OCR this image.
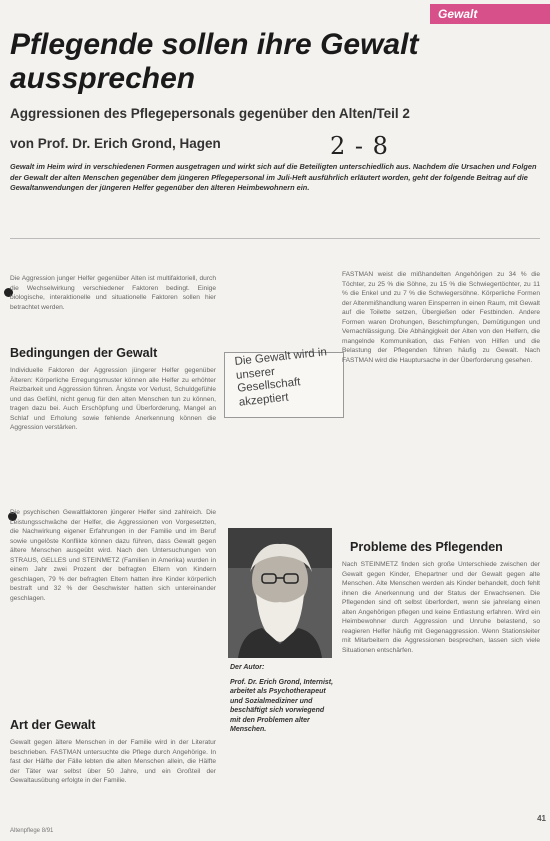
Gewalt
Pflegende sollen ihre Gewalt aussprechen
Aggressionen des Pflegepersonals gegenüber den Alten/Teil 2
von Prof. Dr. Erich Grond, Hagen	2 - 8
Gewalt im Heim wird in verschiedenen Formen ausgetragen und wirkt sich auf die Beteiligten unterschiedlich aus. Nachdem die Ursachen und Folgen der Gewalt der alten Menschen gegenüber dem jüngeren Pflegepersonal im Juli-Heft ausführlich erläutert worden, geht der folgende Beitrag auf die Gewaltanwendungen der jüngeren Helfer gegenüber den älteren Heimbewohnern ein.
Die Aggression junger Helfer gegenüber Alten ist multifaktoriell, durch die Wechselwirkung verschiedener Faktoren bedingt. Einige biologische, interaktionelle und situationelle Faktoren sollen hier betrachtet werden.
Bedingungen der Gewalt
Individuelle Faktoren der Aggression jüngerer Helfer gegenüber Älteren: Körperliche Erregungsmuster können alle Helfer zu erhöhter Reizbarkeit und Aggression führen. Ängste vor Verlust, Schuldgefühle und das Gefühl, nicht genug für den alten Menschen tun zu können, tragen dazu bei. Auch Erschöpfung und Überforderung, Mangel an Schlaf und Erholung sowie fehlende Anerkennung können die Aggression verstärken.
Die psychischen Gewaltfaktoren jüngerer Helfer sind zahlreich. Die Leistungsschwäche der Helfer, die Aggressionen von Vorgesetzten, die Nachwirkung eigener Erfahrungen in der Familie und im Beruf sowie ungelöste Konflikte können dazu führen, dass Gewalt gegen ältere Menschen ausgeübt wird. Nach den Untersuchungen von STRAUS, GELLES und STEINMETZ (Familien in Amerika) wurden in einem Jahr zwei Prozent der befragten Eltern von Kindern geschlagen, 79 % der befragten Eltern hatten ihre Kinder körperlich bestraft und 32 % der Geschwister hatten sich untereinander geschlagen.
Art der Gewalt
Gewalt gegen ältere Menschen in der Familie wird in der Literatur beschrieben. FASTMAN untersuchte die Pflege durch Angehörige. In fast der Hälfte der Fälle lebten die alten Menschen allein, die Hälfte der Täter war selbst über 50 Jahre, und ein Großteil der Gewaltausübung erfolgte in der Familie.
Die Gewalt wird in unserer Gesellschaft akzeptiert
Der Autor:
Prof. Dr. Erich Grond, Internist, arbeitet als Psychotherapeut und Sozialmediziner und beschäftigt sich vorwiegend mit den Problemen alter Menschen.
FASTMAN weist die mißhandelten Angehörigen zu 34 % die Töchter, zu 25 % die Söhne, zu 15 % die Schwiegertöchter, zu 11 % die Enkel und zu 7 % die Schwiegersöhne. Körperliche Formen der Altenmißhandlung waren Einsperren in einen Raum, mit Gewalt auf die Toilette setzen, Übergießen oder Festbinden. Andere Formen waren Drohungen, Beschimpfungen, Demütigungen und Vernachlässigung. Die Abhängigkeit der Alten von den Helfern, die mangelnde Kommunikation, das Fehlen von Hilfen und die Belastung der Pflegenden führen häufig zu Gewalt. Nach FASTMAN wird die Hauptursache in der Überforderung gesehen.
Probleme des Pflegenden
Nach STEINMETZ finden sich große Unterschiede zwischen der Gewalt gegen Kinder, Ehepartner und der Gewalt gegen alte Menschen. Alte Menschen werden als Kinder behandelt, doch fehlt ihnen die Anerkennung und der Status der Erwachsenen. Die Pflegenden sind oft selbst überfordert, wenn sie jahrelang einen alten Angehörigen pflegen und keine Entlastung erfahren. Wird ein Heimbewohner durch Aggression und Unruhe belastend, so reagieren Helfer häufig mit Gegenaggression. Wenn Stationsleiter mit Mitarbeitern die Aggressionen besprechen, lassen sich viele Situationen entschärfen.
Altenpflege 8/91
41
